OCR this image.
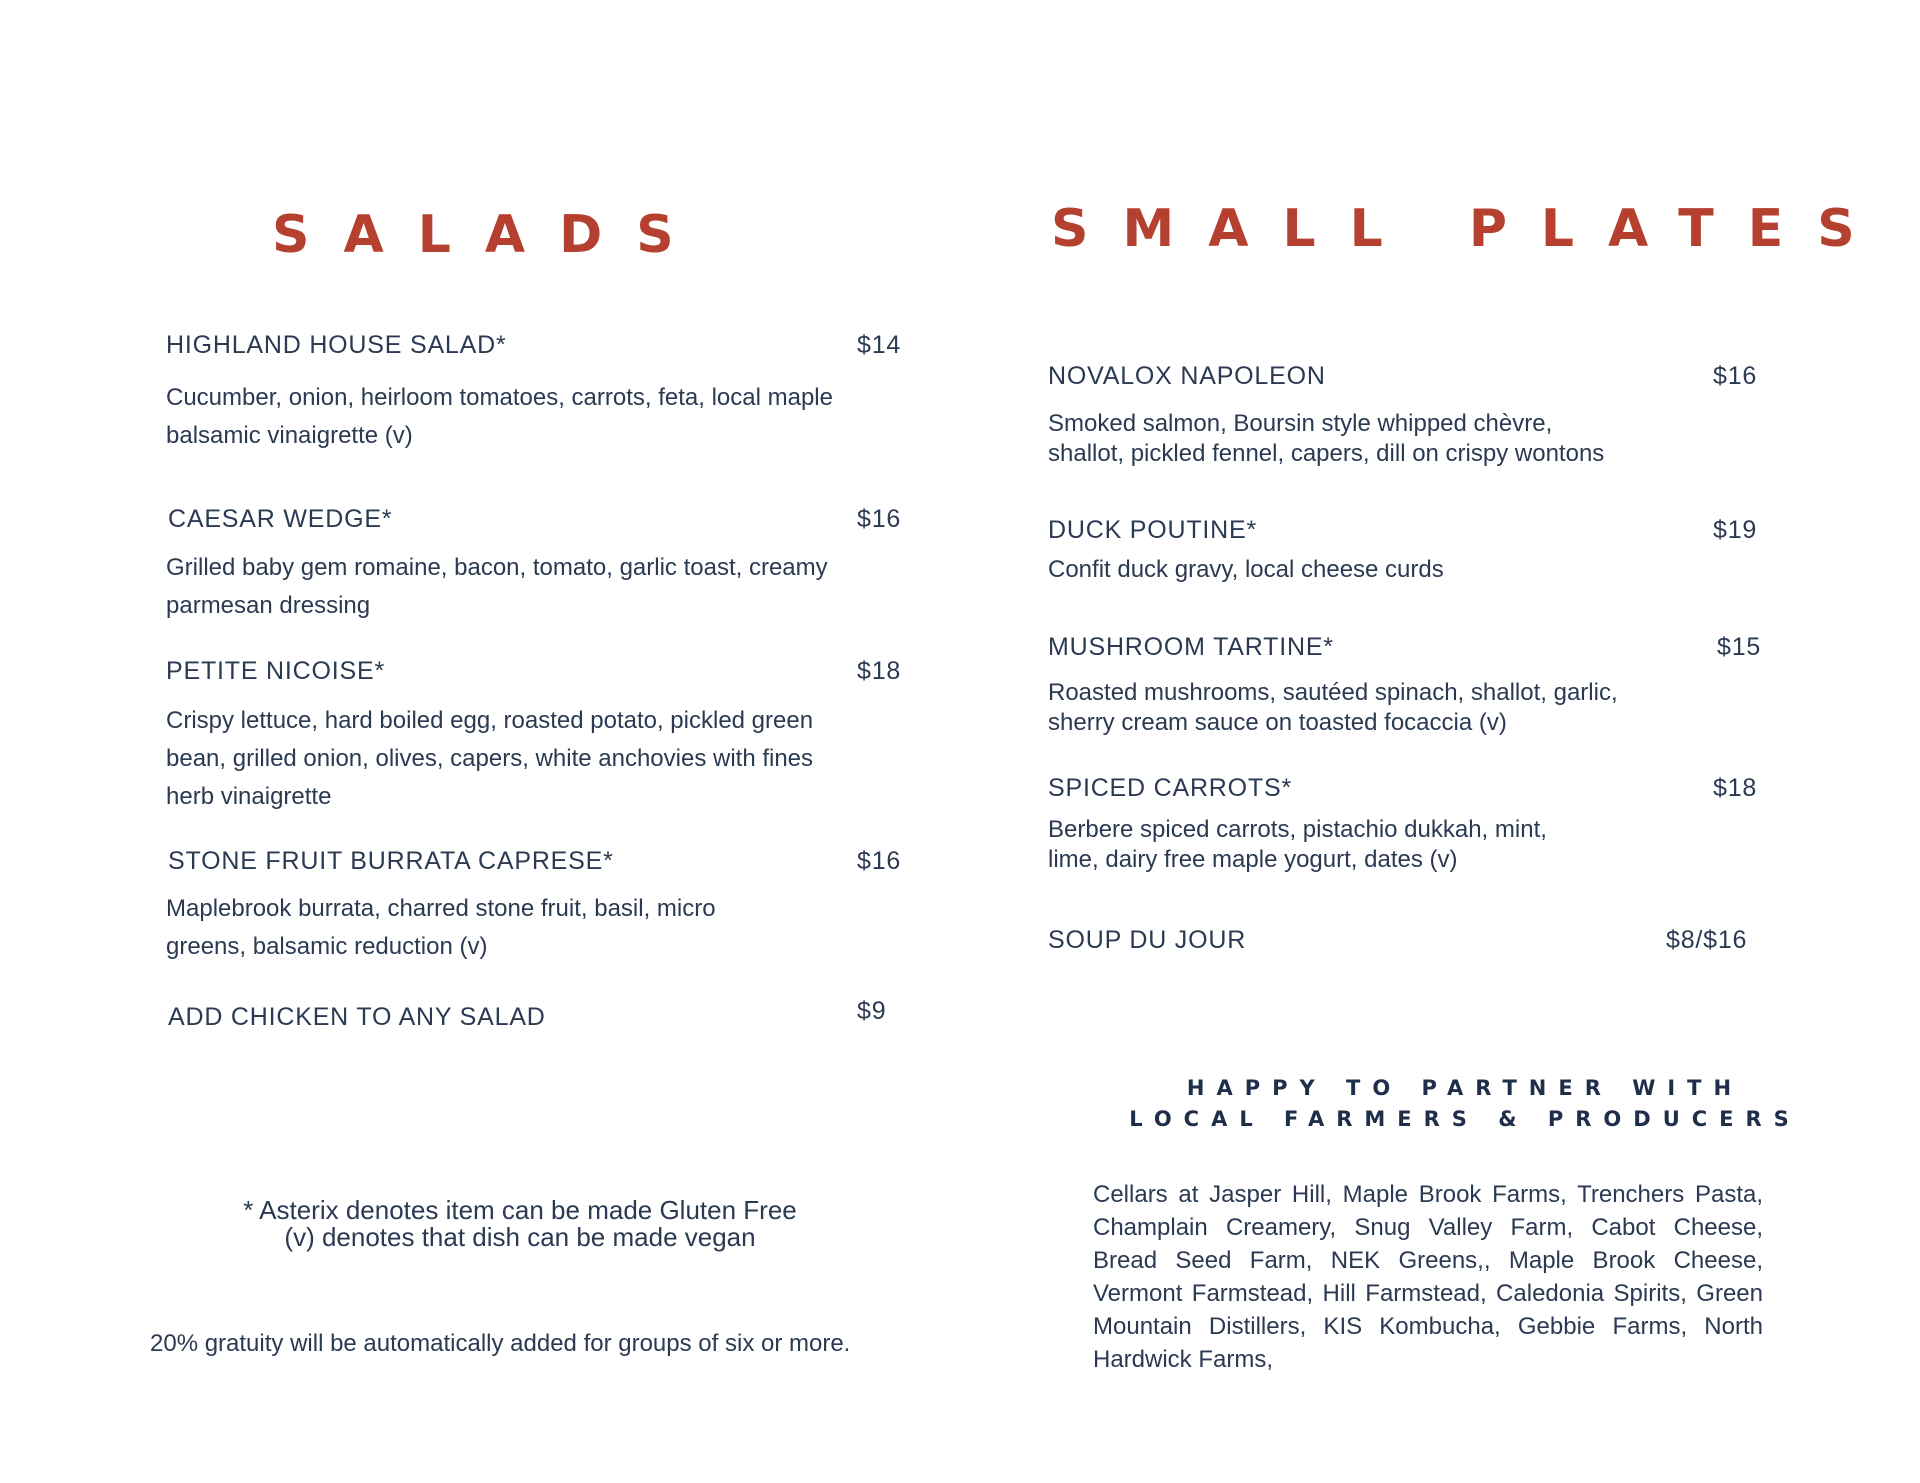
SALADS
HIGHLAND HOUSE SALAD*	$14

Cucumber, onion, heirloom tomatoes, carrots, feta, local maple balsamic vinaigrette (v)

CAESAR WEDGE*	$16

Grilled baby gem romaine, bacon, tomato, garlic toast, creamy parmesan dressing

PETITE NICOISE*	$18

Crispy lettuce, hard boiled egg, roasted potato, pickled green bean, grilled onion, olives, capers, white anchovies with fines herb vinaigrette

STONE FRUIT BURRATA CAPRESE*	$16

Maplebrook burrata, charred stone fruit, basil, micro greens, balsamic reduction (v)

ADD CHICKEN TO ANY SALAD	$9
* Asterix denotes item can be made Gluten Free
(v) denotes that dish can be made vegan
20% gratuity will be automatically added for groups of six or more.
SMALL PLATES
NOVALOX NAPOLEON	$16

Smoked salmon, Boursin style whipped chèvre, shallot, pickled fennel, capers, dill on crispy wontons

DUCK POUTINE*	$19

Confit duck gravy, local cheese curds

MUSHROOM TARTINE*	$15

Roasted mushrooms, sautéed spinach, shallot, garlic, sherry cream sauce on toasted focaccia (v)

SPICED CARROTS*	$18

Berbere spiced carrots, pistachio dukkah, mint, lime, dairy free maple yogurt, dates (v)

SOUP DU JOUR	$8/$16
HAPPY TO PARTNER WITH
LOCAL FARMERS & PRODUCERS

Cellars at Jasper Hill, Maple Brook Farms, Trenchers Pasta, Champlain Creamery, Snug Valley Farm, Cabot Cheese, Bread Seed Farm, NEK Greens,, Maple Brook Cheese, Vermont Farmstead, Hill Farmstead, Caledonia Spirits, Green Mountain Distillers, KIS Kombucha, Gebbie Farms, North Hardwick Farms,
